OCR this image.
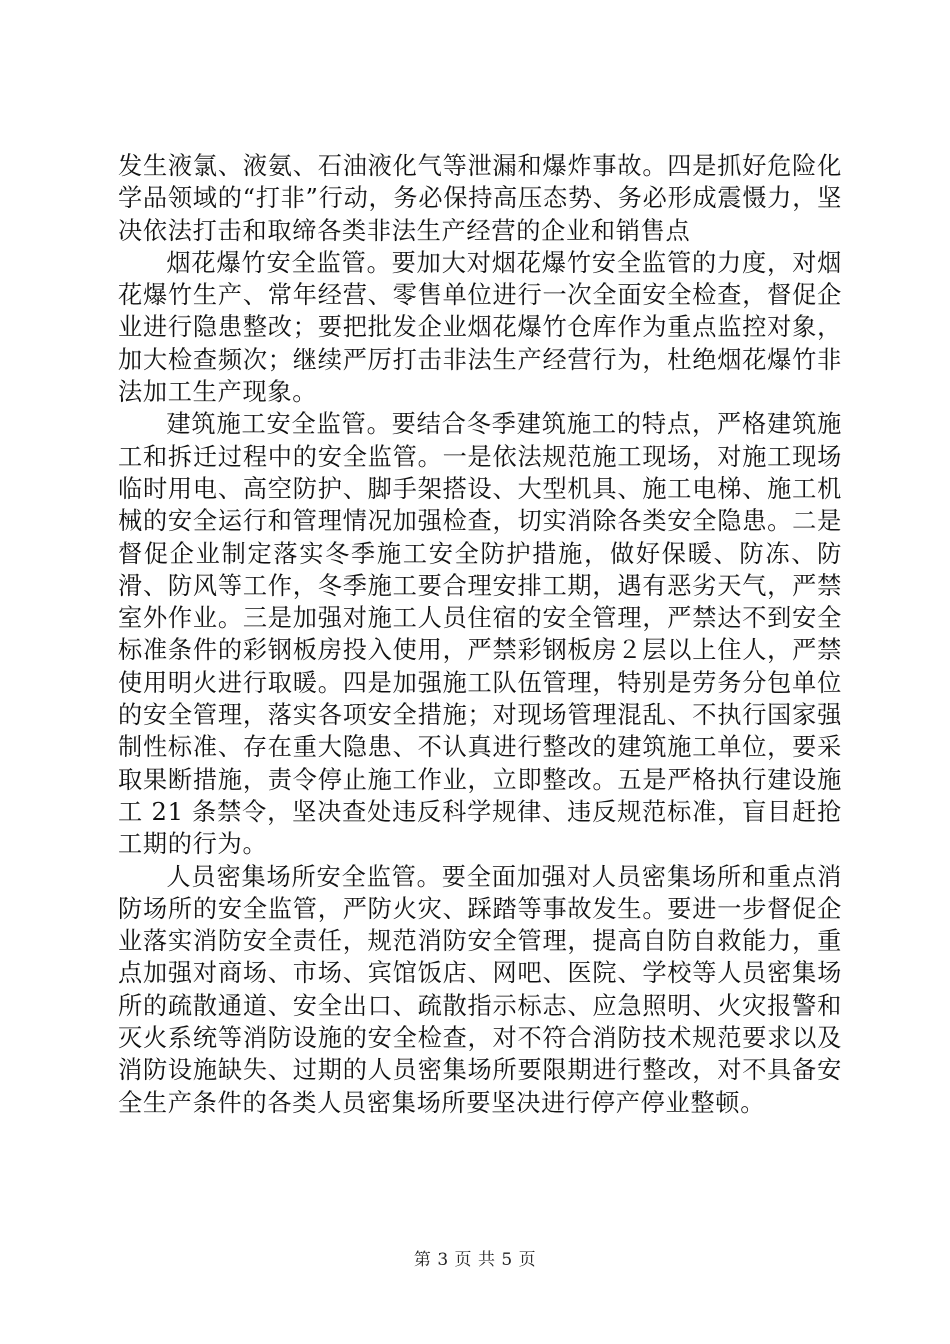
发生液氯、液氨、石油液化气等泄漏和爆炸事故。四是抓好危险化学品领域的“打非”行动，务必保持高压态势、务必形成震慑力，坚决依法打击和取缔各类非法生产经营的企业和销售点

烟花爆竹安全监管。要加大对烟花爆竹安全监管的力度，对烟花爆竹生产、常年经营、零售单位进行一次全面安全检查，督促企业进行隐患整改；要把批发企业烟花爆竹仓库作为重点监控对象，加大检查频次；继续严厉打击非法生产经营行为，杜绝烟花爆竹非法加工生产现象。

建筑施工安全监管。要结合冬季建筑施工的特点，严格建筑施工和拆迁过程中的安全监管。一是依法规范施工现场，对施工现场临时用电、高空防护、脚手架搭设、大型机具、施工电梯、施工机械的安全运行和管理情况加强检查，切实消除各类安全隐患。二是督促企业制定落实冬季施工安全防护措施，做好保暖、防冻、防滑、防风等工作，冬季施工要合理安排工期，遇有恶劣天气，严禁室外作业。三是加强对施工人员住宿的安全管理，严禁达不到安全标准条件的彩钢板房投入使用，严禁彩钢板房２层以上住人，严禁使用明火进行取暖。四是加强施工队伍管理，特别是劳务分包单位的安全管理，落实各项安全措施；对现场管理混乱、不执行国家强制性标准、存在重大隐患、不认真进行整改的建筑施工单位，要采取果断措施，责令停止施工作业，立即整改。五是严格执行建设施工 21 条禁令，坚决查处违反科学规律、违反规范标准，盲目赶抢工期的行为。

人员密集场所安全监管。要全面加强对人员密集场所和重点消防场所的安全监管，严防火灾、踩踏等事故发生。要进一步督促企业落实消防安全责任，规范消防安全管理，提高自防自救能力，重点加强对商场、市场、宾馆饭店、网吧、医院、学校等人员密集场所的疏散通道、安全出口、疏散指示标志、应急照明、火灾报警和灭火系统等消防设施的安全检查，对不符合消防技术规范要求以及消防设施缺失、过期的人员密集场所要限期进行整改，对不具备安全生产条件的各类人员密集场所要坚决进行停产停业整顿。

第 3 页 共 5 页
